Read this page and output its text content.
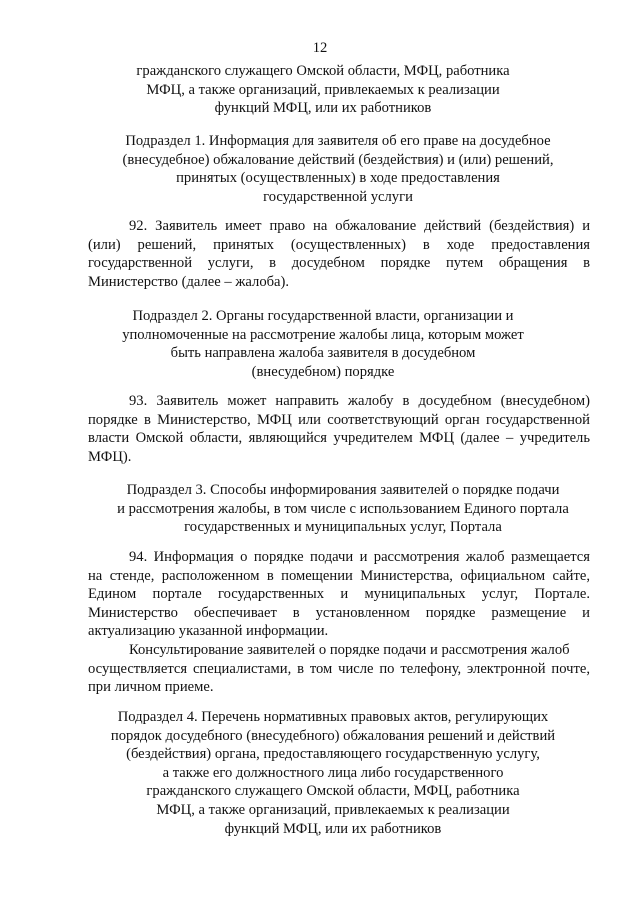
12
гражданского служащего Омской области, МФЦ, работника
МФЦ, а также организаций, привлекаемых к реализации
функций МФЦ, или их работников
Подраздел 1. Информация для заявителя об его праве на досудебное
(внесудебное) обжалование действий (бездействия) и (или) решений,
принятых (осуществленных) в ходе предоставления
государственной услуги
92. Заявитель имеет право на обжалование действий (бездействия) и
(или) решений, принятых (осуществленных) в ходе предоставления
государственной услуги, в досудебном порядке путем обращения в
Министерство (далее – жалоба).
Подраздел 2. Органы государственной власти, организации и
уполномоченные на рассмотрение жалобы лица, которым может
быть направлена жалоба заявителя в досудебном
(внесудебном) порядке
93. Заявитель может направить жалобу в досудебном (внесудебном)
порядке в Министерство, МФЦ или соответствующий орган государственной
власти Омской области, являющийся учредителем МФЦ (далее – учредитель
МФЦ).
Подраздел 3. Способы информирования заявителей о порядке подачи
и рассмотрения жалобы, в том числе с использованием Единого портала
государственных и муниципальных услуг, Портала
94. Информация о порядке подачи и рассмотрения жалоб размещается
на стенде, расположенном в помещении Министерства, официальном сайте,
Едином портале государственных и муниципальных услуг, Портале.
Министерство обеспечивает в установленном порядке размещение и
актуализацию указанной информации.
Консультирование заявителей о порядке подачи и рассмотрения жалоб
осуществляется специалистами, в том числе по телефону, электронной почте,
при личном приеме.
Подраздел 4. Перечень нормативных правовых актов, регулирующих
порядок досудебного (внесудебного) обжалования решений и действий
(бездействия) органа, предоставляющего государственную услугу,
а также его должностного лица либо государственного
гражданского служащего Омской области, МФЦ, работника
МФЦ, а также организаций, привлекаемых к реализации
функций МФЦ, или их работников
